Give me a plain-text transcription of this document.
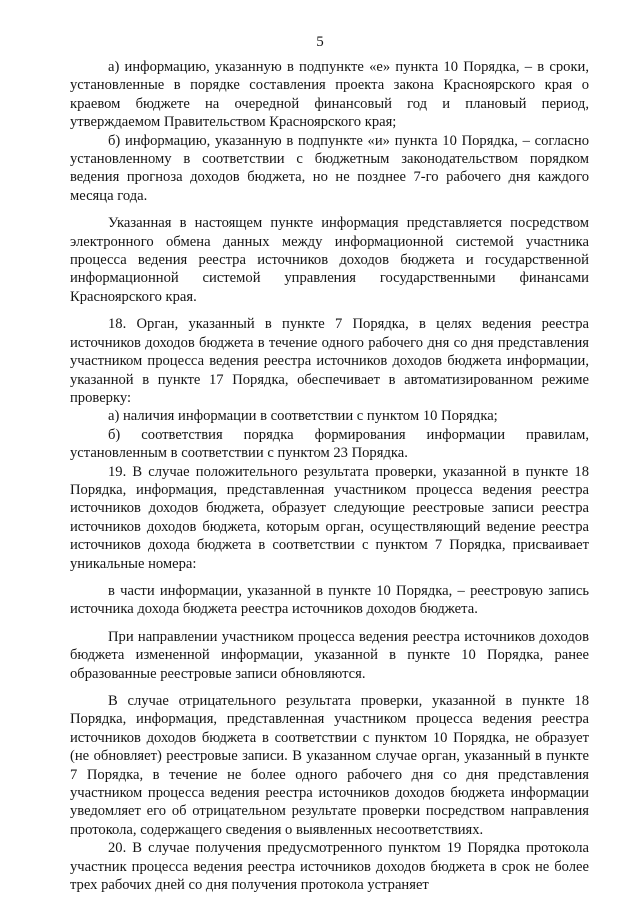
5

а) информацию, указанную в подпункте «е» пункта 10 Порядка, – в сроки, установленные в порядке составления проекта закона Красноярского края о краевом бюджете на очередной финансовый год и плановый период, утверждаемом Правительством Красноярского края;

б) информацию, указанную в подпункте «и» пункта 10 Порядка, – согласно установленному в соответствии с бюджетным законодательством порядком ведения прогноза доходов бюджета, но не позднее 7-го рабочего дня каждого месяца года.

Указанная в настоящем пункте информация представляется посредством электронного обмена данных между информационной системой участника процесса ведения реестра источников доходов бюджета и государственной информационной системой управления государственными финансами Красноярского края.

18. Орган, указанный в пункте 7 Порядка, в целях ведения реестра источников доходов бюджета в течение одного рабочего дня со дня представления участником процесса ведения реестра источников доходов бюджета информации, указанной в пункте 17 Порядка, обеспечивает в автоматизированном режиме проверку:

а) наличия информации в соответствии с пунктом 10 Порядка;

б) соответствия порядка формирования информации правилам, установленным в соответствии с пунктом 23 Порядка.

19. В случае положительного результата проверки, указанной в пункте 18 Порядка, информация, представленная участником процесса ведения реестра источников доходов бюджета, образует следующие реестровые записи реестра источников доходов бюджета, которым орган, осуществляющий ведение реестра источников дохода бюджета в соответствии с пунктом 7 Порядка, присваивает уникальные номера:

в части информации, указанной в пункте 10 Порядка, – реестровую запись источника дохода бюджета реестра источников доходов бюджета.

При направлении участником процесса ведения реестра источников доходов бюджета измененной информации, указанной в пункте 10 Порядка, ранее образованные реестровые записи обновляются.

В случае отрицательного результата проверки, указанной в пункте 18 Порядка, информация, представленная участником процесса ведения реестра источников доходов бюджета в соответствии с пунктом 10 Порядка, не образует (не обновляет) реестровые записи. В указанном случае орган, указанный в пункте 7 Порядка, в течение не более одного рабочего дня со дня представления участником процесса ведения реестра источников доходов бюджета информации уведомляет его об отрицательном результате проверки посредством направления протокола, содержащего сведения о выявленных несоответствиях.

20. В случае получения предусмотренного пунктом 19 Порядка протокола участник процесса ведения реестра источников доходов бюджета в срок не более трех рабочих дней со дня получения протокола устраняет
